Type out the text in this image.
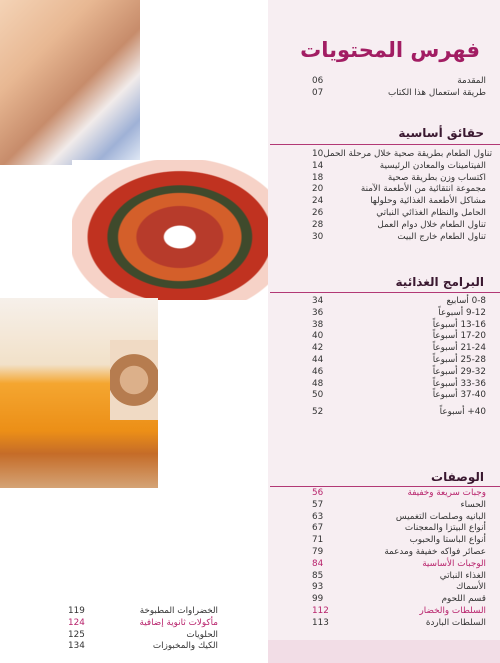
فهرس المحتويات
06	المقدمة
07	طريقة استعمال هذا الكتاب
حقائق أساسية
10 تناول الطعام بطريقة صحية خلال مرحلة الحمل
14	الفيتامينات والمعادن الرئيسية
18	اكتساب وزن بطريقة صحية
20	مجموعة انتقائية من الأطعمة الآمنة
24	مشاكل الأطعمة الغذائية وحلولها
26	الحامل والنظام الغذائي النباتي
28	تناول الطعام خلال دوام العمل
30	تناول الطعام خارج البيت
البرامج الغذائية
34	0-8 أسابيع
36	9-12 أسبوعاً
38	13-16 أسبوعاً
40	17-20 أسبوعاً
42	21-24 أسبوعاً
44	25-28 أسبوعاً
46	29-32 أسبوعاً
48	33-36 أسبوعاً
50	37-40 أسبوعاً
52	40+ أسبوعاً
الوصفات
56	وجبات سريعة وخفيفة
57	الحساء
63	البانيه وصلصات التغميس
67	أنواع البيتزا والمعجنات
71	أنواع الباستا والحبوب
79	عصائر فواكه خفيفة ومدعمة
84	الوجبات الأساسية
85	الغذاء النباتي
93	الأسماك
99	قسم اللحوم
112	السلطات والخضار
113	السلطات الباردة
119	الخضراوات المطبوخة
124	مأكولات ثانوية إضافية
125	الحلويات
134	الكيك والمخبوزات
